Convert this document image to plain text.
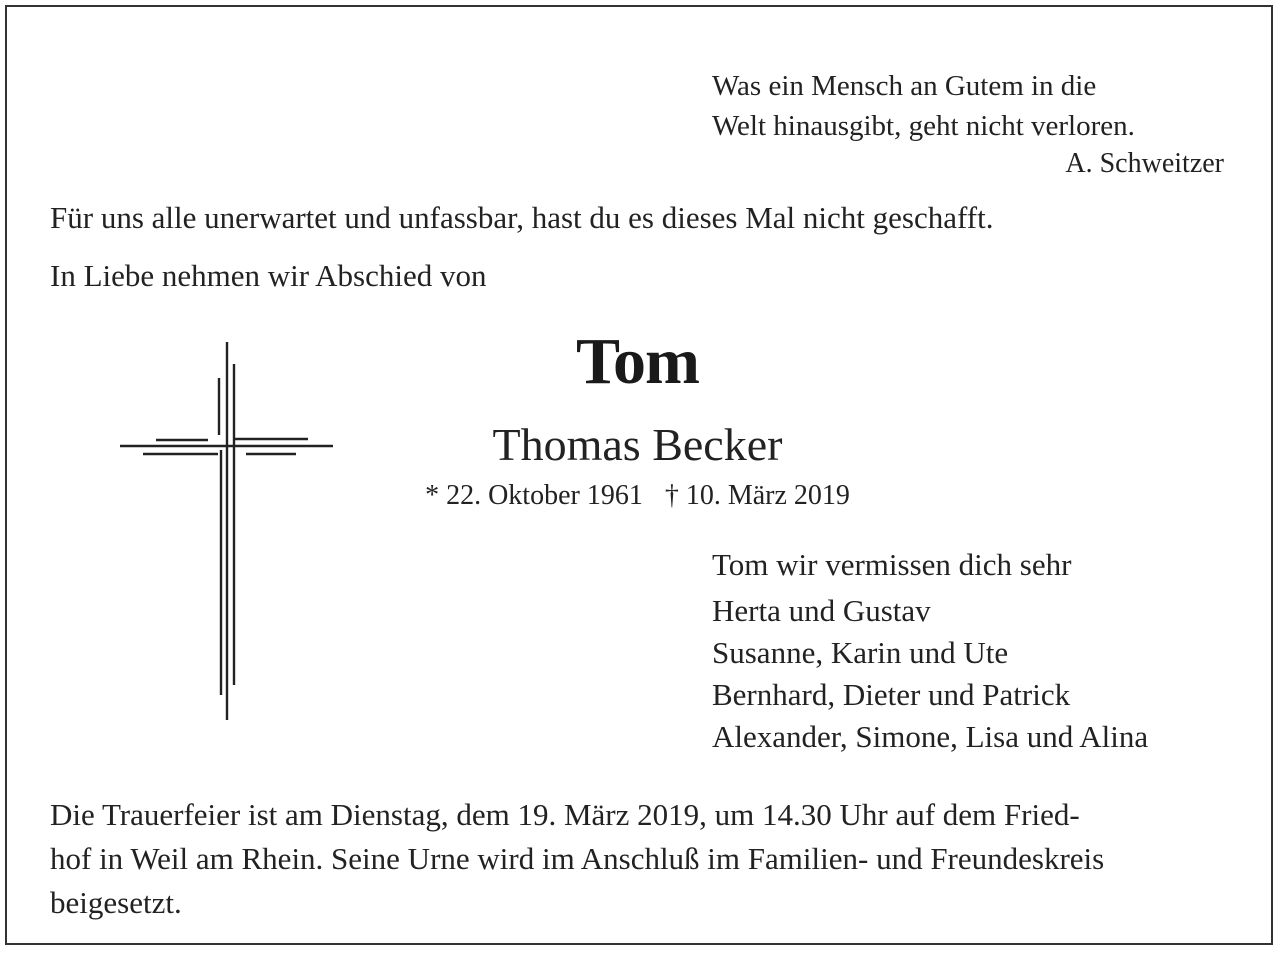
Was ein Mensch an Gutem in die
Welt hinausgibt, geht nicht verloren.
A. Schweitzer
Für uns alle unerwartet und unfassbar, hast du es dieses Mal nicht geschafft.
In Liebe nehmen wir Abschied von
Tom
Thomas Becker
* 22. Oktober 1961 † 10. März 2019
Tom wir vermissen dich sehr
Herta und Gustav
Susanne, Karin und Ute
Bernhard, Dieter und Patrick
Alexander, Simone, Lisa und Alina
Die Trauerfeier ist am Dienstag, dem 19. März 2019, um 14.30 Uhr auf dem Fried-
hof in Weil am Rhein. Seine Urne wird im Anschluß im Familien- und Freundeskreis
beigesetzt.
